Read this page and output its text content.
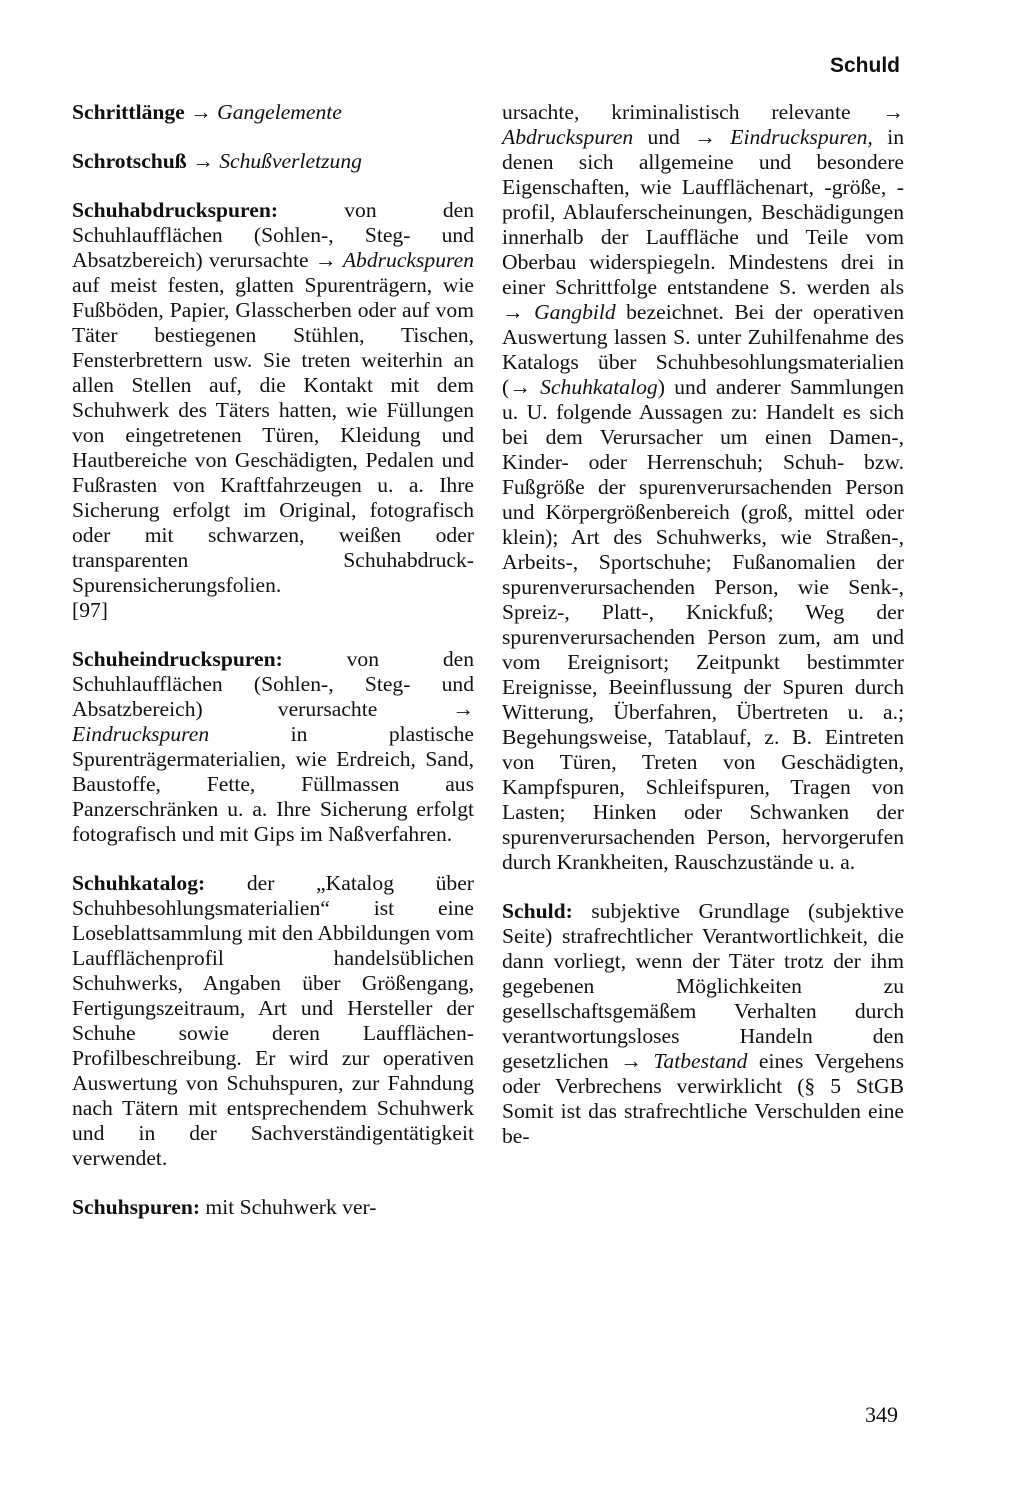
Schuld

Schrittlänge → Gangelemente

Schrotschuß → Schußverletzung

Schuhabdruckspuren: von den Schuhlaufflächen (Sohlen-, Steg- und Absatzbereich) verursachte → Abdruckspuren auf meist festen, glatten Spurenträgern, wie Fußböden, Papier, Glasscherben oder auf vom Täter bestiegenen Stühlen, Tischen, Fensterbrettern usw. Sie treten weiterhin an allen Stellen auf, die Kontakt mit dem Schuhwerk des Täters hatten, wie Füllungen von eingetretenen Türen, Kleidung und Hautbereiche von Geschädigten, Pedalen und Fußrasten von Kraftfahrzeugen u. a. Ihre Sicherung erfolgt im Original, fotografisch oder mit schwarzen, weißen oder transparenten Schuhabdruck-Spurensicherungsfolien.

[97]

Schuheindruckspuren: von den Schuhlaufflächen (Sohlen-, Steg- und Absatzbereich) verursachte → Eindruckspuren in plastische Spurenträgermaterialien, wie Erdreich, Sand, Baustoffe, Fette, Füllmassen aus Panzerschränken u. a. Ihre Sicherung erfolgt fotografisch und mit Gips im Naßverfahren.

Schuhkatalog: der „Katalog über Schuhbesohlungsmaterialien“ ist eine Loseblattsammlung mit den Abbildungen vom Laufflächenprofil handelsüblichen Schuhwerks, Angaben über Größengang, Fertigungszeitraum, Art und Hersteller der Schuhe sowie deren Laufflächen-Profilbeschreibung. Er wird zur operativen Auswertung von Schuhspuren, zur Fahndung nach Tätern mit entsprechendem Schuhwerk und in der Sachverständigentätigkeit verwendet.

Schuhspuren: mit Schuhwerk ver-

ursachte, kriminalistisch relevante → Abdruckspuren und → Eindruckspuren, in denen sich allgemeine und besondere Eigenschaften, wie Laufflächenart, -größe, -profil, Ablauferscheinungen, Beschädigungen innerhalb der Lauffläche und Teile vom Oberbau widerspiegeln. Mindestens drei in einer Schrittfolge entstandene S. werden als → Gangbild bezeichnet. Bei der operativen Auswertung lassen S. unter Zuhilfenahme des Katalogs über Schuhbesohlungsmaterialien (→ Schuhkatalog) und anderer Sammlungen u. U. folgende Aussagen zu: Handelt es sich bei dem Verursacher um einen Damen-, Kinder- oder Herrenschuh; Schuh- bzw. Fußgröße der spurenverursachenden Person und Körpergrößenbereich (groß, mittel oder klein); Art des Schuhwerks, wie Straßen-, Arbeits-, Sportschuhe; Fußanomalien der spurenverursachenden Person, wie Senk-, Spreiz-, Platt-, Knickfuß; Weg der spurenverursachenden Person zum, am und vom Ereignisort; Zeitpunkt bestimmter Ereignisse, Beeinflussung der Spuren durch Witterung, Überfahren, Übertreten u. a.; Begehungsweise, Tatablauf, z. B. Eintreten von Türen, Treten von Geschädigten, Kampfspuren, Schleifspuren, Tragen von Lasten; Hinken oder Schwanken der spurenverursachenden Person, hervorgerufen durch Krankheiten, Rauschzustände u. a.

Schuld: subjektive Grundlage (subjektive Seite) strafrechtlicher Verantwortlichkeit, die dann vorliegt, wenn der Täter trotz der ihm gegebenen Möglichkeiten zu gesellschaftsgemäßem Verhalten durch verantwortungsloses Handeln den gesetzlichen → Tatbestand eines Vergehens oder Verbrechens verwirklicht (§ 5 StGB Somit ist das strafrechtliche Verschulden eine be-

349
